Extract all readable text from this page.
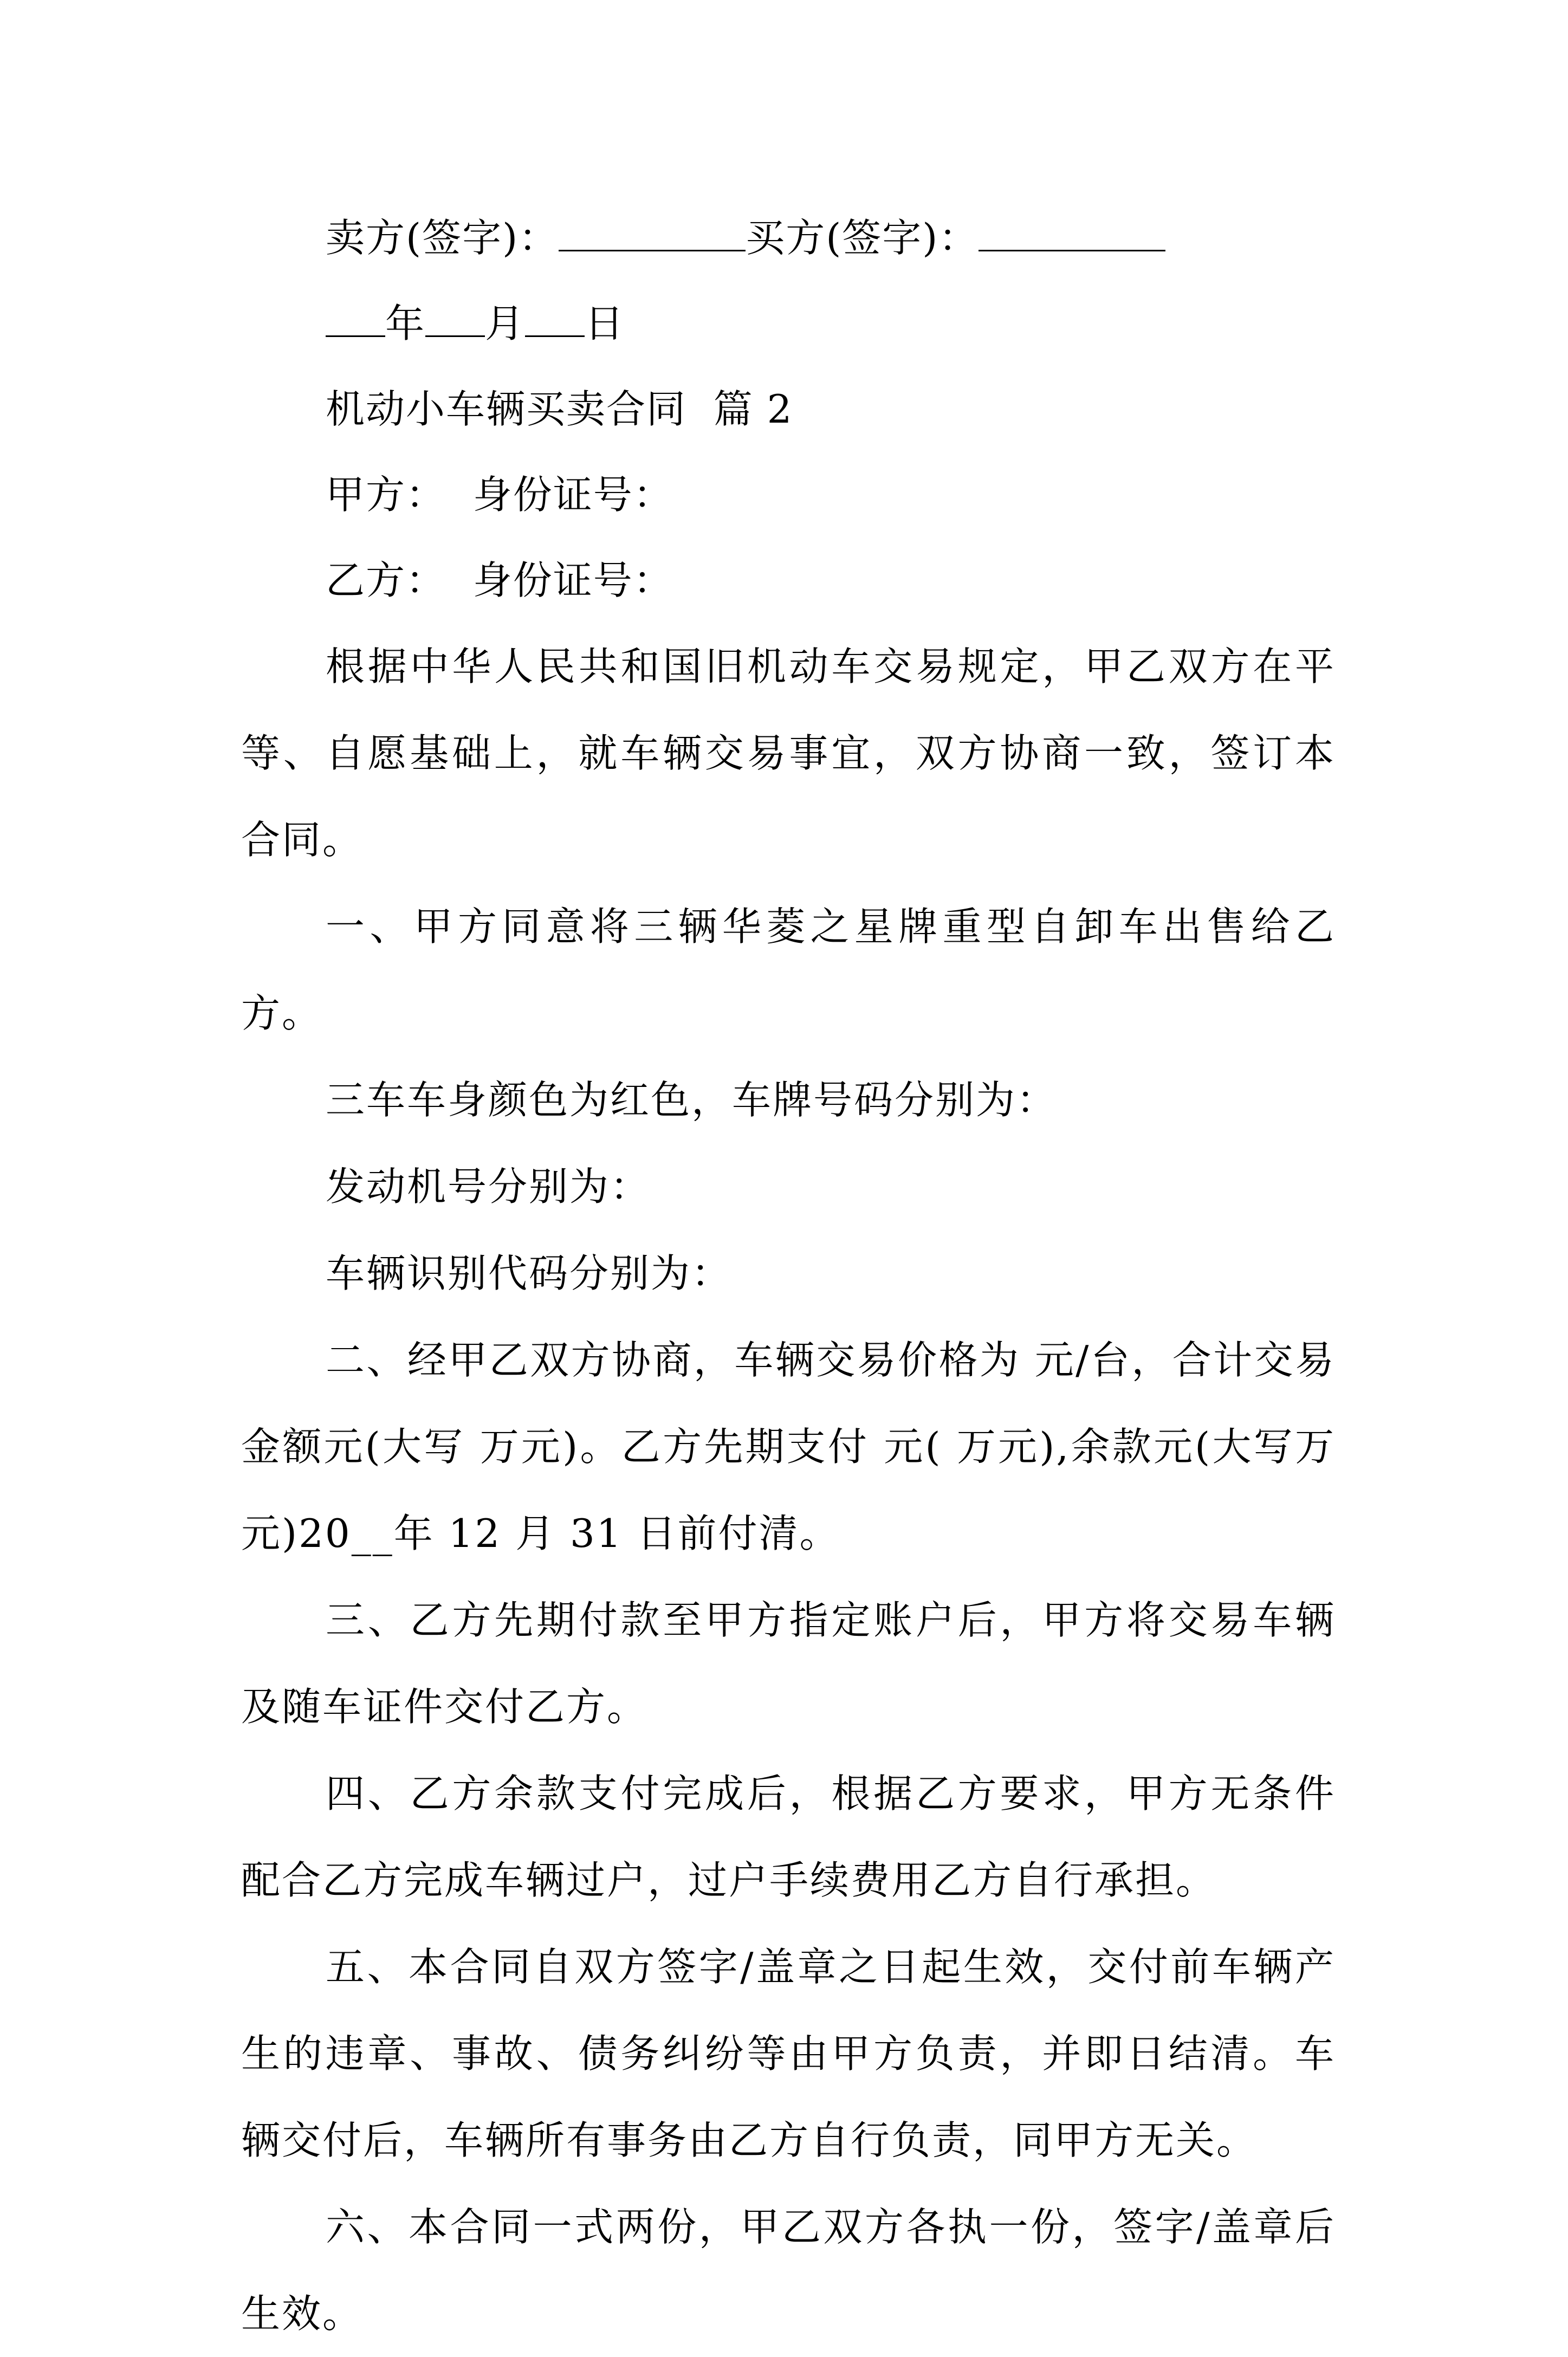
卖方(签字)：	买方(签字)：

年 月 日

机动小车辆买卖合同  篇 2

甲方：  身份证号：

乙方：  身份证号：

根据中华人民共和国旧机动车交易规定，甲乙双方在平等、自愿基础上，就车辆交易事宜，双方协商一致，签订本合同。

一、甲方同意将三辆华菱之星牌重型自卸车出售给乙方。

三车车身颜色为红色，车牌号码分别为：

发动机号分别为：

车辆识别代码分别为：

二、经甲乙双方协商，车辆交易价格为 元/台，合计交易金额元(大写 万元)。乙方先期支付 元( 万元),余款元(大写万元)20__年 12 月 31 日前付清。

三、乙方先期付款至甲方指定账户后，甲方将交易车辆及随车证件交付乙方。

四、乙方余款支付完成后，根据乙方要求，甲方无条件配合乙方完成车辆过户，过户手续费用乙方自行承担。

五、本合同自双方签字/盖章之日起生效，交付前车辆产生的违章、事故、债务纠纷等由甲方负责，并即日结清。车辆交付后，车辆所有事务由乙方自行负责，同甲方无关。

六、本合同一式两份，甲乙双方各执一份，签字/盖章后生效。
